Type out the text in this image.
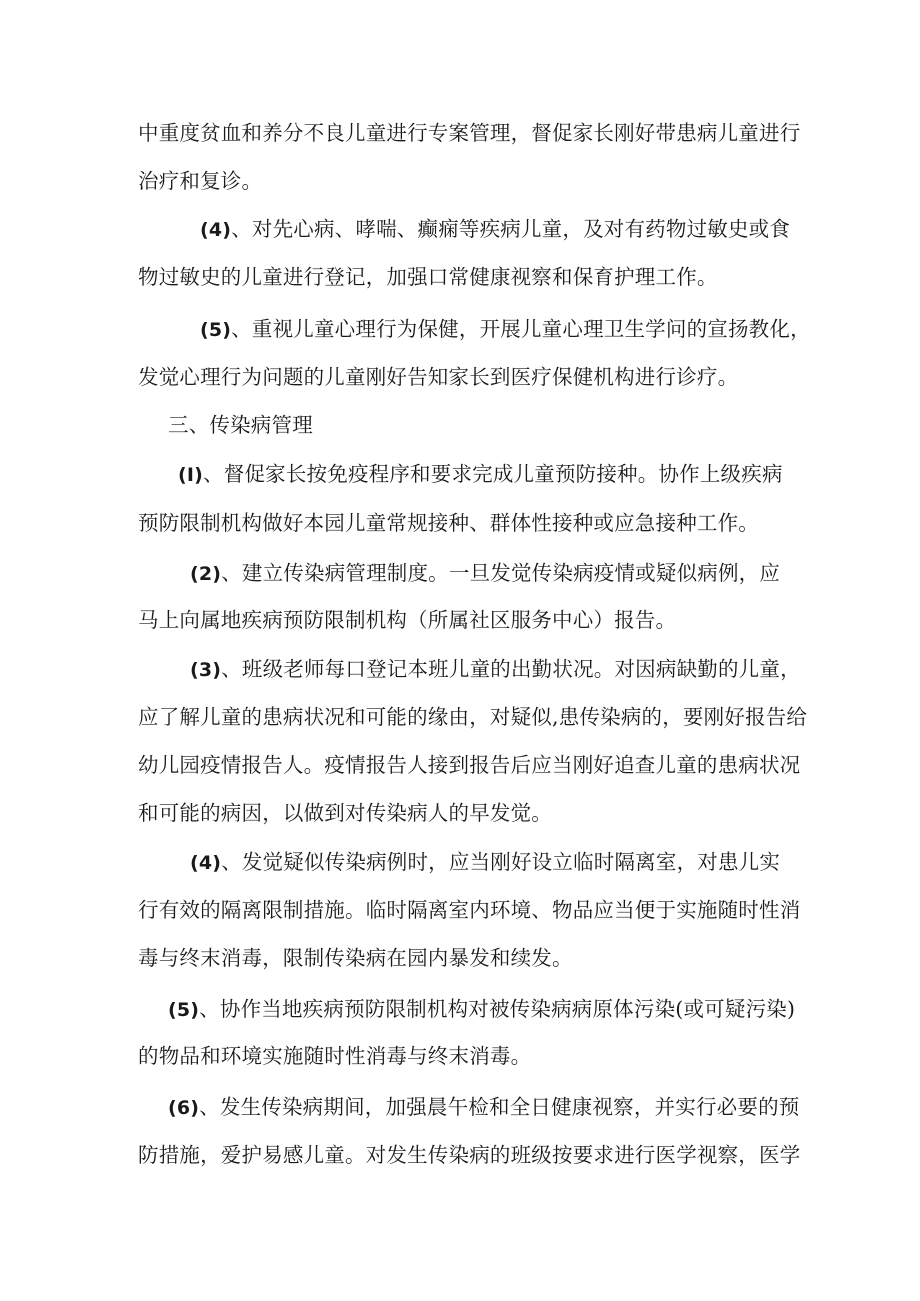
中重度贫血和养分不良儿童进行专案管理，督促家长刚好带患病儿童进行
治疗和复诊。
(4)、对先心病、哮喘、癫痫等疾病儿童，及对有药物过敏史或食
物过敏史的儿童进行登记，加强口常健康视察和保育护理工作。
(5)、重视儿童心理行为保健，开展儿童心理卫生学问的宣扬教化，
发觉心理行为问题的儿童刚好告知家长到医疗保健机构进行诊疗。
三、传染病管理
(I)、督促家长按免疫程序和要求完成儿童预防接种。协作上级疾病
预防限制机构做好本园儿童常规接种、群体性接种或应急接种工作。
(2)、建立传染病管理制度。一旦发觉传染病疫情或疑似病例，应
马上向属地疾病预防限制机构（所属社区服务中心）报告。
(3)、班级老师每口登记本班儿童的出勤状况。对因病缺勤的儿童，
应了解儿童的患病状况和可能的缘由，对疑似,患传染病的，要刚好报告给
幼儿园疫情报告人。疫情报告人接到报告后应当刚好追查儿童的患病状况
和可能的病因，以做到对传染病人的早发觉。
(4)、发觉疑似传染病例时，应当刚好设立临时隔离室，对患儿实
行有效的隔离限制措施。临时隔离室内环境、物品应当便于实施随时性消
毒与终末消毒，限制传染病在园内暴发和续发。
(5)、协作当地疾病预防限制机构对被传染病病原体污染(或可疑污染)
的物品和环境实施随时性消毒与终末消毒。
(6)、发生传染病期间，加强晨午检和全日健康视察，并实行必要的预
防措施，爱护易感儿童。对发生传染病的班级按要求进行医学视察，医学
